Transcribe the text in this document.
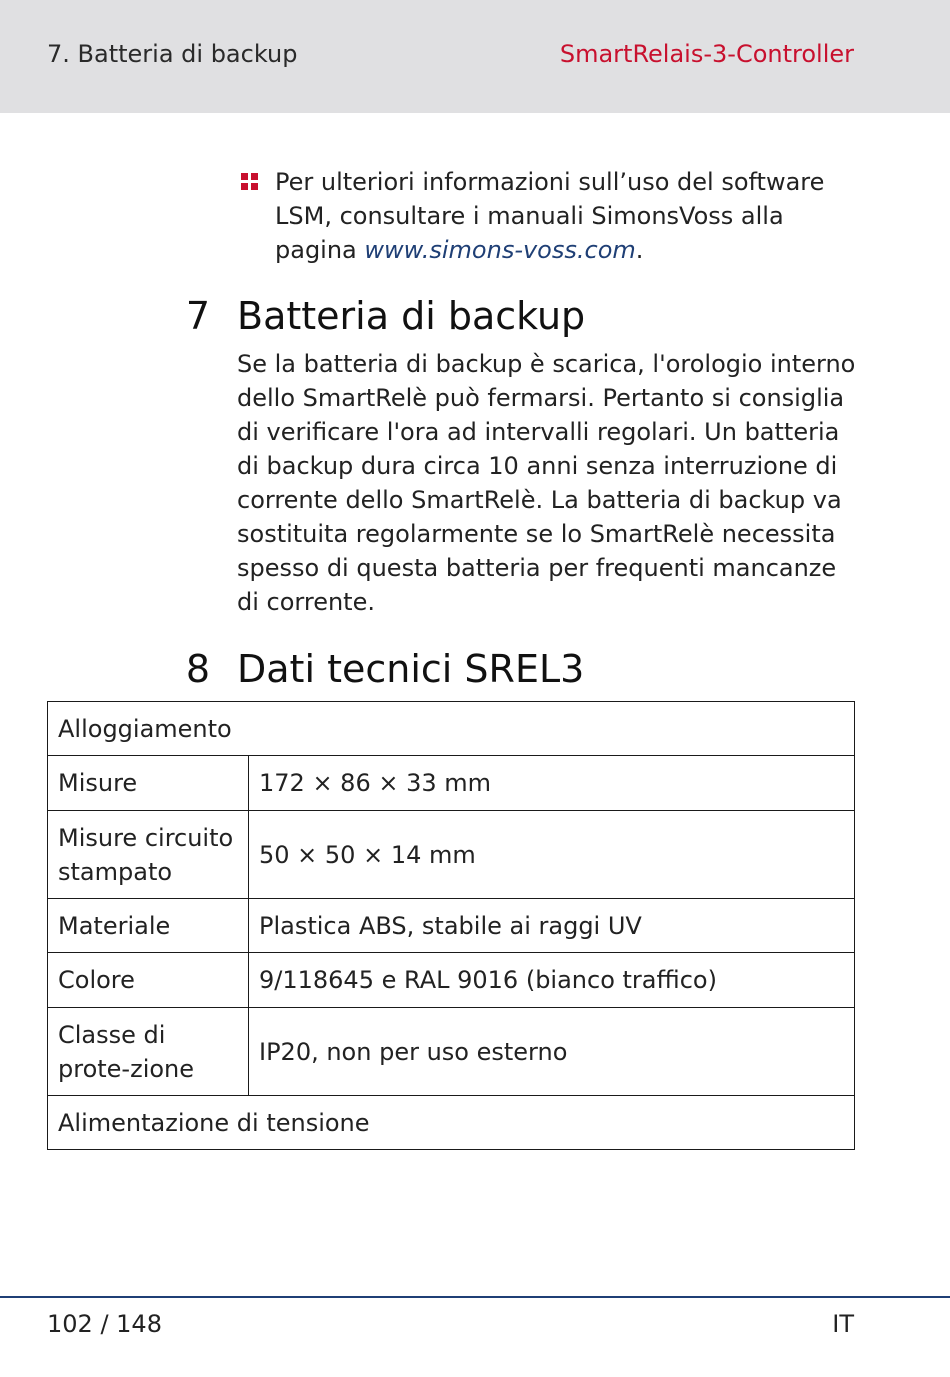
7. Batteria di backup	SmartRelais-3-Controller
Per ulteriori informazioni sull’uso del software LSM, consultare i manuali SimonsVoss alla pagina www.simons-voss.com.
7 Batteria di backup
Se la batteria di backup è scarica, l'orologio interno dello SmartRelè può fermarsi. Pertanto si consiglia di verificare l'ora ad intervalli regolari. Un batteria di backup dura circa 10 anni senza interruzione di corrente dello SmartRelè. La batteria di backup va sostituita regolarmente se lo SmartRelè necessita spesso di questa batteria per frequenti mancanze di corrente.
8 Dati tecnici SREL3
Alloggiamento	
Misure	172 × 86 × 33 mm
Misure circuito stampato	50 × 50 × 14 mm
Materiale	Plastica ABS, stabile ai raggi UV
Colore	9/118645 e RAL 9016 (bianco traffico)
Classe di prote-zione	IP20, non per uso esterno
Alimentazione di tensione	
102 / 148	IT
